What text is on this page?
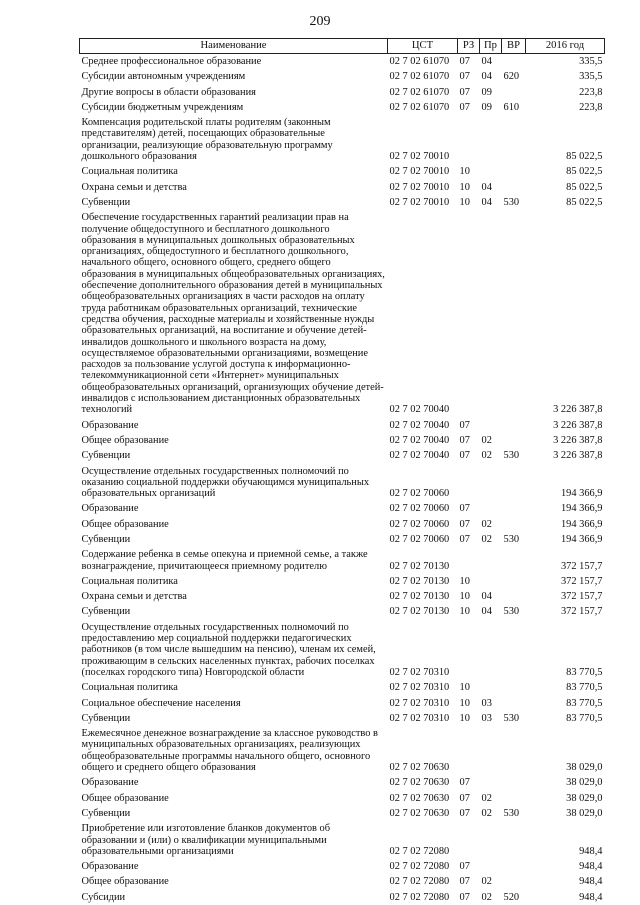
209
Наименование	ЦСТ	РЗ	Пр	ВР	2016 год
Среднее профессиональное образование	02 7 02 61070	07	04		335,5
Субсидии автономным учреждениям	02 7 02 61070	07	04	620	335,5
Другие вопросы в области образования	02 7 02 61070	07	09		223,8
Субсидии бюджетным учреждениям	02 7 02 61070	07	09	610	223,8
Компенсация родительской платы родителям (законным представителям) детей, посещающих образовательные организации, реализующие образовательную программу дошкольного образования	02 7 02 70010				85 022,5
Социальная политика	02 7 02 70010	10			85 022,5
Охрана семьи и детства	02 7 02 70010	10	04		85 022,5
Субвенции	02 7 02 70010	10	04	530	85 022,5
Обеспечение государственных гарантий реализации прав на получение общедоступного и бесплатного дошкольного образования в муниципальных дошкольных образовательных организациях, общедоступного и бесплатного дошкольного, начального общего, основного общего, среднего общего образования в муниципальных общеобразовательных организациях, обеспечение дополнительного образования детей в муниципальных общеобразовательных организациях в части расходов на оплату труда работникам образовательных организаций, технические средства обучения, расходные материалы и хозяйственные нужды образовательных организаций, на воспитание и обучение детей-инвалидов дошкольного и школьного возраста на дому, осуществляемое образовательными организациями, возмещение расходов за пользование услугой доступа к информационно-телекоммуникационной сети «Интернет» муниципальных общеобразовательных организаций, организующих обучение детей-инвалидов с использованием дистанционных образовательных технологий	02 7 02 70040				3 226 387,8
Образование	02 7 02 70040	07			3 226 387,8
Общее образование	02 7 02 70040	07	02		3 226 387,8
Субвенции	02 7 02 70040	07	02	530	3 226 387,8
Осуществление отдельных государственных полномочий по оказанию социальной поддержки обучающимся муниципальных образовательных организаций	02 7 02 70060				194 366,9
Образование	02 7 02 70060	07			194 366,9
Общее образование	02 7 02 70060	07	02		194 366,9
Субвенции	02 7 02 70060	07	02	530	194 366,9
Содержание ребенка в семье опекуна и приемной семье, а также вознаграждение, причитающееся приемному родителю	02 7 02 70130				372 157,7
Социальная политика	02 7 02 70130	10			372 157,7
Охрана семьи и детства	02 7 02 70130	10	04		372 157,7
Субвенции	02 7 02 70130	10	04	530	372 157,7
Осуществление отдельных государственных полномочий по предоставлению мер социальной поддержки педагогических работников (в том числе вышедшим на пенсию), членам их семей, проживающим в сельских населенных пунктах, рабочих поселках (поселках городского типа) Новгородской области	02 7 02 70310				83 770,5
Социальная политика	02 7 02 70310	10			83 770,5
Социальное обеспечение населения	02 7 02 70310	10	03		83 770,5
Субвенции	02 7 02 70310	10	03	530	83 770,5
Ежемесячное денежное вознаграждение за классное руководство в муниципальных образовательных организациях, реализующих общеобразовательные программы начального общего, основного общего и среднего общего образования	02 7 02 70630				38 029,0
Образование	02 7 02 70630	07			38 029,0
Общее образование	02 7 02 70630	07	02		38 029,0
Субвенции	02 7 02 70630	07	02	530	38 029,0
Приобретение или изготовление бланков документов об образовании и (или) о квалификации муниципальными образовательными организациями	02 7 02 72080				948,4
Образование	02 7 02 72080	07			948,4
Общее образование	02 7 02 72080	07	02		948,4
Субсидии	02 7 02 72080	07	02	520	948,4
